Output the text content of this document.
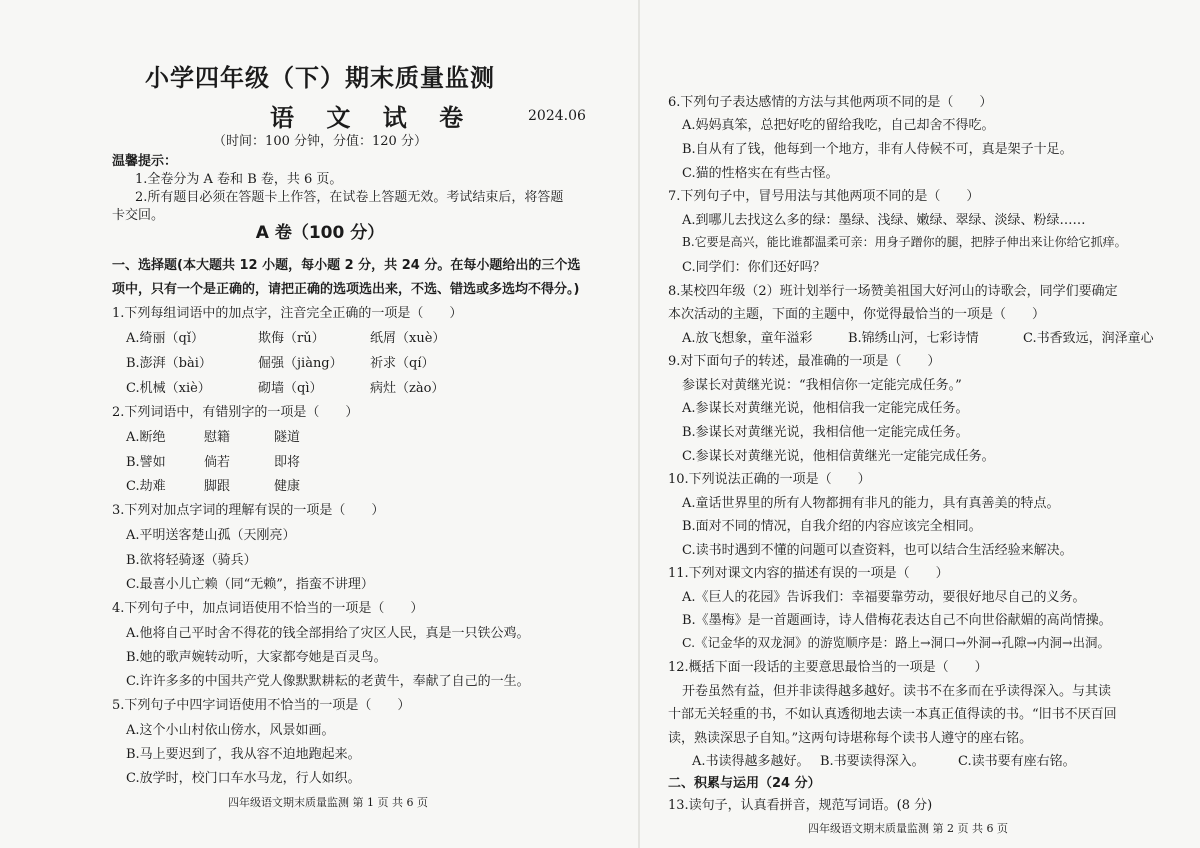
小学四年级（下）期末质量监测
语 文 试 卷	2024.06
（时间：100 分钟，分值：120 分）
温馨提示：
1.全卷分为 A 卷和 B 卷，共 6 页。
2.所有题目必须在答题卡上作答，在试卷上答题无效。考试结束后，将答题
卡交回。
A 卷（100 分）
一、选择题(本大题共 12 小题，每小题 2 分，共 24 分。在每小题给出的三个选
项中，只有一个是正确的，请把正确的选项选出来，不选、错选或多选均不得分。)
1.下列每组词语中的加点字，注音完全正确的一项是（　　）
A.绮丽（qǐ）	欺侮（rǔ）	纸屑（xuè）
B.澎湃（bài）	倔强（jiàng） 祈求（qí）
C.机械（xiè）	砌墙（qì）	病灶（zào）
2.下列词语中，有错别字的一项是（　　）
A.断绝	慰籍	隧道
B.譬如	倘若	即将
C.劫难	脚跟	健康
3.下列对加点字词的理解有误的一项是（　　）
A.平明送客楚山孤（天刚亮）
B.欲将轻骑逐（骑兵）
C.最喜小儿亡赖（同“无赖”，指蛮不讲理）
4.下列句子中，加点词语使用不恰当的一项是（　　）
A.他将自己平时舍不得花的钱全部捐给了灾区人民，真是一只铁公鸡。
B.她的歌声婉转动听，大家都夸她是百灵鸟。
C.许许多多的中国共产党人像默默耕耘的老黄牛，奉献了自己的一生。
5.下列句子中四字词语使用不恰当的一项是（　　）
A.这个小山村依山傍水，风景如画。
B.马上要迟到了，我从容不迫地跑起来。
C.放学时，校门口车水马龙，行人如织。
四年级语文期末质量监测 第 1 页 共 6 页
6.下列句子表达感情的方法与其他两项不同的是（　　）
A.妈妈真笨，总把好吃的留给我吃，自己却舍不得吃。
B.自从有了钱，他每到一个地方，非有人侍候不可，真是架子十足。
C.猫的性格实在有些古怪。
7.下列句子中，冒号用法与其他两项不同的是（　　）
A.到哪儿去找这么多的绿：墨绿、浅绿、嫩绿、翠绿、淡绿、粉绿……
B.它要是高兴，能比谁都温柔可亲：用身子蹭你的腿，把脖子伸出来让你给它抓痒。
C.同学们：你们还好吗？
8.某校四年级（2）班计划举行一场赞美祖国大好河山的诗歌会，同学们要确定
本次活动的主题，下面的主题中，你觉得最恰当的一项是（　　）
A.放飞想象，童年溢彩	B.锦绣山河，七彩诗情	C.书香致远，润泽童心
9.对下面句子的转述，最准确的一项是（　　）
参谋长对黄继光说：“我相信你一定能完成任务。”
A.参谋长对黄继光说，他相信我一定能完成任务。
B.参谋长对黄继光说，我相信他一定能完成任务。
C.参谋长对黄继光说，他相信黄继光一定能完成任务。
10.下列说法正确的一项是（　　）
A.童话世界里的所有人物都拥有非凡的能力，具有真善美的特点。
B.面对不同的情况，自我介绍的内容应该完全相同。
C.读书时遇到不懂的问题可以查资料，也可以结合生活经验来解决。
11.下列对课文内容的描述有误的一项是（　　）
A.《巨人的花园》告诉我们：幸福要靠劳动，要很好地尽自己的义务。
B.《墨梅》是一首题画诗，诗人借梅花表达自己不向世俗献媚的高尚情操。
C.《记金华的双龙洞》的游览顺序是：路上→洞口→外洞→孔隙→内洞→出洞。
12.概括下面一段话的主要意思最恰当的一项是（　　）
开卷虽然有益，但并非读得越多越好。读书不在多而在乎读得深入。与其读
十部无关轻重的书，不如认真透彻地去读一本真正值得读的书。“旧书不厌百回
读，熟读深思子自知。”这两句诗堪称每个读书人遵守的座右铭。
A.书读得越多越好。 B.书要读得深入。	C.读书要有座右铭。
二、积累与运用（24 分）
四年级语文期末质量监测 第 2 页 共 6 页
13.读句子，认真看拼音，规范写词语。(8 分)
